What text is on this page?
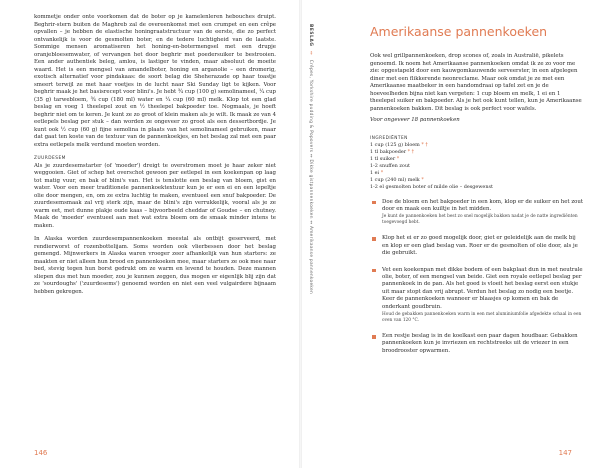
kommetje onder onte voorkomen dat de boter op je kamelenleren hebouches druipt. Beghrir-stern buiten de Maghreb zal de overeenkomst met een crumpet en een crêpe opvallen – je hebben de elastische honingraatstructuur van de eerste, die zo perfect ontvankelijk is voor de gesmolten boter, en de tedere luchtigheid van de laatste. Sommige mensen aromatiseren het honing-en-botermengsel met een drupje oranjebloesemwater, of vervangen het door beghrir met poedersuiker te bestrooien. Een ander authentiek beleg, amlou, is lastiger te vinden, maar absoluut de moeite waard. Het is een mengsel van amandelboter, honing en arganolie – een dromerig, exotisch alternatief voor pindakaas: de soort belag die Sheherazade op haar toastje smeert terwijl ze met haar voetjes in de lucht naar Ski Sunday ligt te kijken. Voor beghrir maak je het basisrecept voor blini's. Je hebt ¾ cup (100 g) semolinameel, ¼ cup (35 g) tarwebloem, ¾ cup (180 ml) water en ¼ cup (60 ml) melk. Klop tot een glad beslag en voeg 1 theelepel zout en ½ theelepel bakpoeder toe. Nogmaals, je hoeft beghrir niet om te keren. Je kunt ze zo groot of klein maken als je wilt. Ik maak ze van 4 eetlepels beslag per stuk – dan worden ze ongeveer zo groot als een dessertbordje. Je kunt ook ½ cup (60 g) fijne semolina in plaats van het semolinameel gebruiken, maar dat gaat ten koste van de textuur van de pannenkoekjes, en het beslag zal met een paar extra eetlepels melk verdund moeten worden.

ZUURDESEM

Als je zuurdesemstarter (of 'moeder') dreigt te overstromen moet je haar zeker niet weggooien. Giet of schep het overschot gewoon per eetlepel in een koekenpan op laag tot matig vuur, en bak of blini's van. Het is tenslotte een beslag van bloem, gist en water. Voor een meer traditionele pannenkoektextuur kun je er een ei en een lepeltje olie door mengen, en, om ze extra luchtig te maken, eventueel een snuf bakpoeder. De zuurdesemsmaak zal vrij sterk zijn, maar de blini's zijn verrukkelijk, vooral als je ze warm eet, met dunne plakje oude kaas – bijvoorbeeld cheddar of Goudse – en chutney. Maak de 'moeder' eventueel aan met wat extra bloem om de smaak minder intens te maken.

In Alaska worden zuurdesempannenkoeken meestal als ontbijt geserveerd, met rendierworst of rozenbottelijam. Soms worden ook vlierbessen door het beslag gemengd. Mijnwerkers in Alaska waren vroeger zeer afhankelijk van hun starters: ze maakten er niet alleen hun brood en pannenkoeken mee, maar starters ze ook mee naar bed, stevig tegen hun borst gedrukt om ze warm en levend te houden. Deze mannen sliepen dus met hun moeder, zou je kunnen zeggen, dus mogen er eigenlijk blij zijn dat ze 'sourdoughs' ('zuurdesems') genoemd worden en niet een veel vulgairdere bijnaam hebben gekregen.

146
BESLAG ↔ Crêpes, Yorkshire pudding & Popovers ↔ Dikke gistpannenkoeken ↔ Amerikaanse pannenkoeken
Amerikaanse pannenkoeken

Ook wel grillpannenkoeken, drop scones of, zoals in Australië, pikelets genoemd. Ik noem het Amerikaanse pannenkoeken omdat ik ze zo voor me zie: opgestapeld door een kauwgomkauwende serveerster, in een afgelegen diner met een flikkerende neonreclame. Maar ook omdat je ze met een Amerikaanse maatbeker in een handomdraai op tafel zet en je de hoeveelheden bijna niet kan vergeten: 1 cup bloem en melk, 1 ei en 1 theelepel suiker en bakpoeder. Als je het ook kunt tellen, kun je Amerikaanse pannenkoeken bakken. Dit beslag is ook perfect voor wafels.

Voor ongeveer 18 pannenkoeken

INGREDIËNTEN

1 cup (125 g) bloem * †
1 tl bakpoeder * †
1 tl suiker *
1-2 snuffen zout
1 ei *
1 cup (240 ml) melk *
1-2 el gesmolten boter of milde olie – desgewenst

Doe de bloem en het bakpoeder in een kom, klop er de suiker en het zout door en maak een kuiltje in het midden.

Je kunt de pannenkoeken het best zo snel mogelijk bakken nadat je de natte ingrediënten toegevoegd hebt.

Klop het ei er zo goed mogelijk door, giet er geleidelijk aan de melk bij en klop er een glad beslag van. Roer er de gesmolten of olie door, als je die gebruikt.

Vet een koekenpan met dikke bodem of een bakplaat dun in met neutrale olie, boter, of een mengsel van beide. Giet een royale eetlepel beslag per pannenkoek in de pan. Als het goed is vloeit het beslag eerst een stukje uit maar stopt dan vrij abrupt. Verdun het beslag zo nodig een beetje. Keer de pannenkoeken wanneer er blaasjes op komen en bak de onderkant goudbruin.

Houd de gebakken pannenkoeken warm in een met aluminiumfolie afgedekte schaal in een oven van 120 °C.

Een restje beslag is in de koelkast een paar dagen houdbaar. Gebakken pannenkoeken kun je invriezen en rechtstreeks uit de vriezer in een broodrooster opwarmen.

147
